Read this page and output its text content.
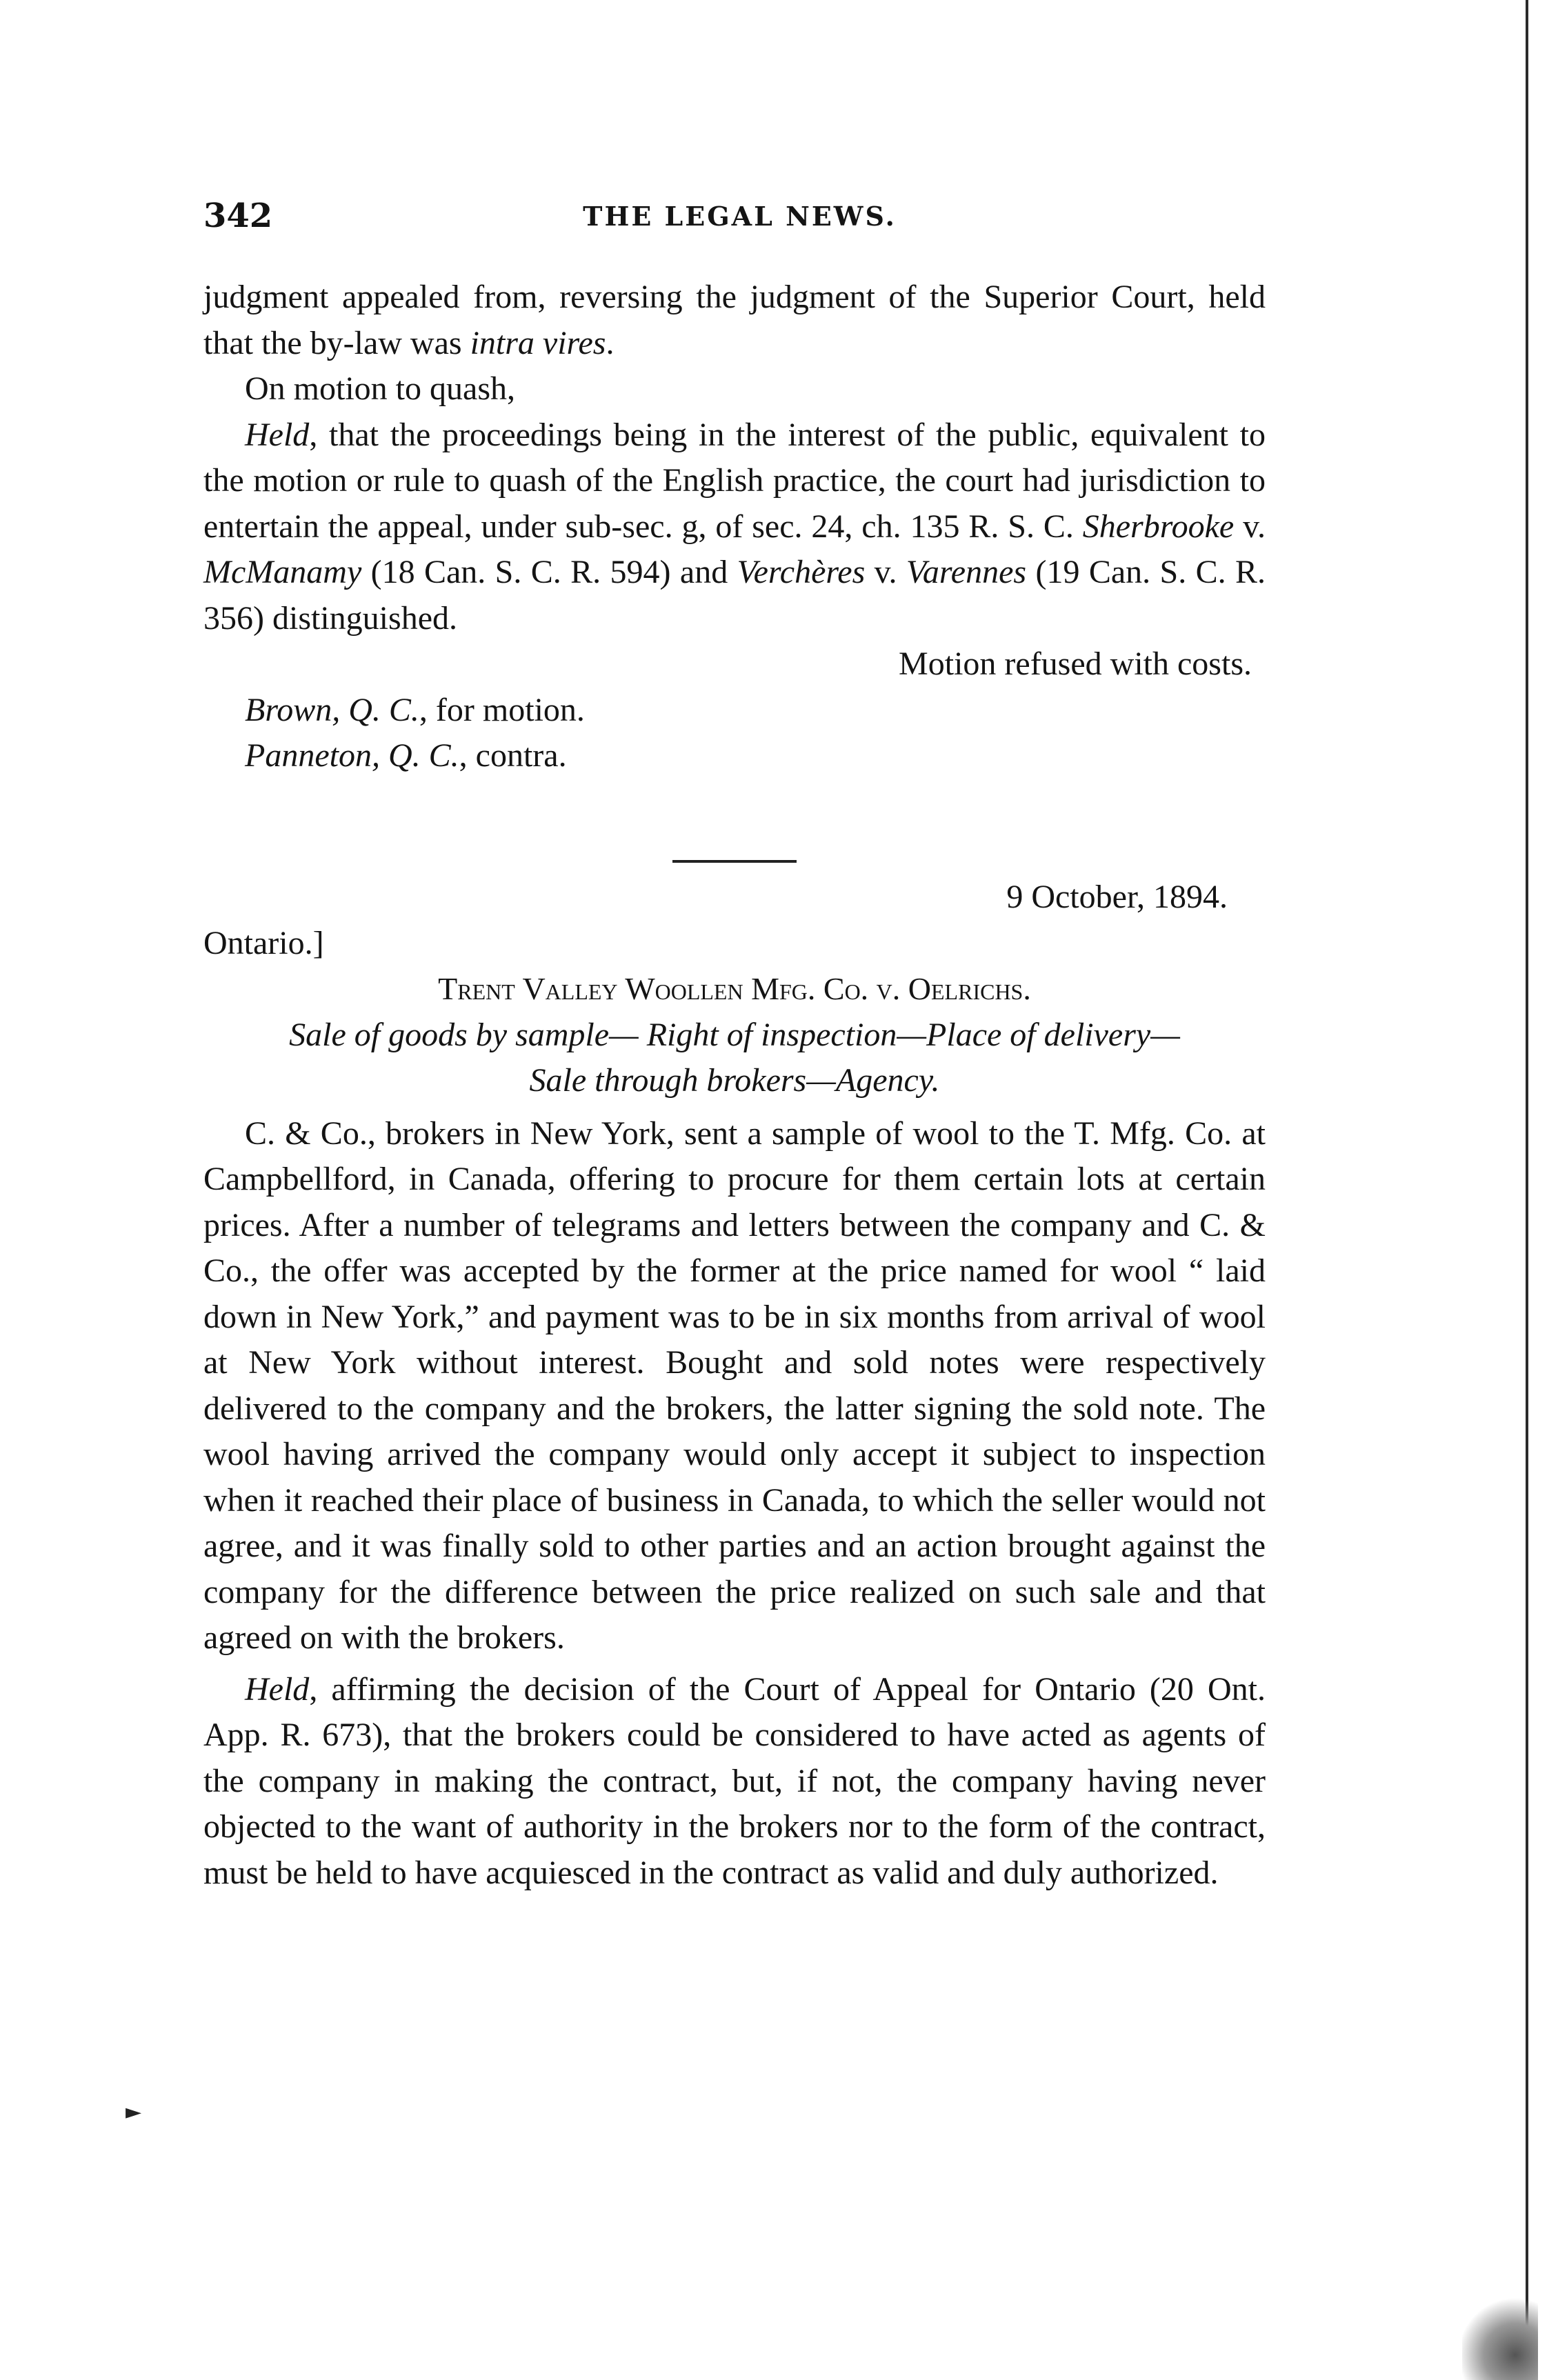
342	THE LEGAL NEWS.

judgment appealed from, reversing the judgment of the Superior Court, held that the by-law was intra vires.

On motion to quash,

Held, that the proceedings being in the interest of the public, equivalent to the motion or rule to quash of the English practice, the court had jurisdiction to entertain the appeal, under sub-sec. g, of sec. 24, ch. 135 R. S. C. Sherbrooke v. McManamy (18 Can. S. C. R. 594) and Verchères v. Varennes (19 Can. S. C. R. 356) distinguished.

Motion refused with costs.

Brown, Q. C., for motion.

Panneton, Q. C., contra.

9 October, 1894.

Ontario.]

Trent Valley Woollen Mfg. Co. v. Oelrichs.

Sale of goods by sample— Right of inspection—Place of delivery—
Sale through brokers—Agency.

C. & Co., brokers in New York, sent a sample of wool to the T. Mfg. Co. at Campbellford, in Canada, offering to procure for them certain lots at certain prices. After a number of telegrams and letters between the company and C. & Co., the offer was accepted by the former at the price named for wool “ laid down in New York,” and payment was to be in six months from arrival of wool at New York without interest. Bought and sold notes were respectively delivered to the company and the brokers, the latter signing the sold note. The wool having arrived the company would only accept it subject to inspection when it reached their place of business in Canada, to which the seller would not agree, and it was finally sold to other parties and an action brought against the company for the difference between the price realized on such sale and that agreed on with the brokers.

Held, affirming the decision of the Court of Appeal for Ontario (20 Ont. App. R. 673), that the brokers could be considered to have acted as agents of the company in making the contract, but, if not, the company having never objected to the want of authority in the brokers nor to the form of the contract, must be held to have acquiesced in the contract as valid and duly authorized.

►
